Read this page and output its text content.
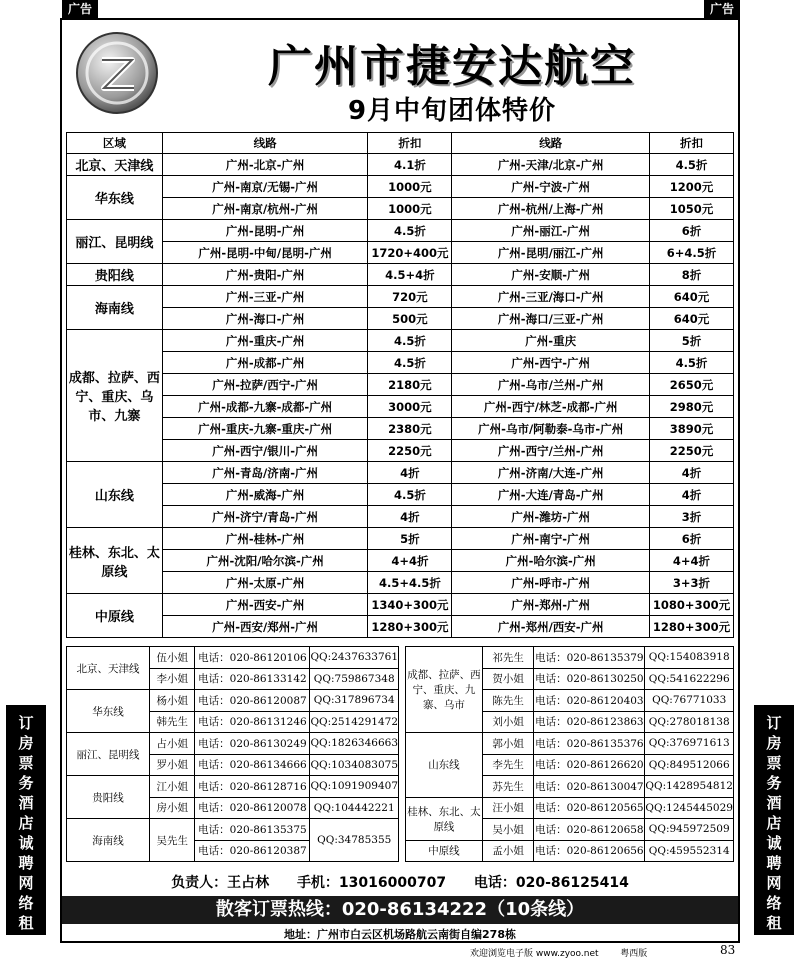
广告	广告
订
房
票
务
酒
店
诚
聘
网
络
租
车
订
房
票
务
酒
店
诚
聘
网
络
租
车
广州市捷安达航空
9月中旬团体特价
区域	线路	折扣	线路	折扣
北京、天津线	广州-北京-广州	4.1折	广州-天津/北京-广州	4.5折
华东线	广州-南京/无锡-广州	1000元	广州-宁波-广州	1200元
	广州-南京/杭州-广州	1000元	广州-杭州/上海-广州	1050元
丽江、昆明线	广州-昆明-广州	4.5折	广州-丽江-广州	6折
	广州-昆明-中甸/昆明-广州	1720+400元	广州-昆明/丽江-广州	6+4.5折
贵阳线	广州-贵阳-广州	4.5+4折	广州-安顺-广州	8折
海南线	广州-三亚-广州	720元	广州-三亚/海口-广州	640元
	广州-海口-广州	500元	广州-海口/三亚-广州	640元
成都、拉萨、西宁、重庆、乌市、九寨	广州-重庆-广州	4.5折	广州-重庆	5折
	广州-成都-广州	4.5折	广州-西宁-广州	4.5折
	广州-拉萨/西宁-广州	2180元	广州-乌市/兰州-广州	2650元
	广州-成都-九寨-成都-广州	3000元	广州-西宁/林芝-成都-广州	2980元
	广州-重庆-九寨-重庆-广州	2380元	广州-乌市/阿勒泰-乌市-广州	3890元
	广州-西宁/银川-广州	2250元	广州-西宁/兰州-广州	2250元
山东线	广州-青岛/济南-广州	4折	广州-济南/大连-广州	4折
	广州-威海-广州	4.5折	广州-大连/青岛-广州	4折
	广州-济宁/青岛-广州	4折	广州-潍坊-广州	3折
桂林、东北、太原线	广州-桂林-广州	5折	广州-南宁-广州	6折
	广州-沈阳/哈尔滨-广州	4+4折	广州-哈尔滨-广州	4+4折
	广州-太原-广州	4.5+4.5折	广州-呼市-广州	3+3折
中原线	广州-西安-广州	1340+300元	广州-郑州-广州	1080+300元
	广州-西安/郑州-广州	1280+300元	广州-郑州/西安-广州	1280+300元
北京、天津线	伍小姐	电话：020-86120106	QQ:2437633761		成都、拉萨、西宁、重庆、九寨、乌市	祁先生	电话：020-86135379	QQ:154083918
	李小姐	电话：020-86133142	QQ:759867348			贺小姐	电话：020-86130250	QQ:541622296
华东线	杨小姐	电话：020-86120087	QQ:317896734			陈先生	电话：020-86120403	QQ:76771033
	韩先生	电话：020-86131246	QQ:2514291472			刘小姐	电话：020-86123863	QQ:278018138
丽江、昆明线	占小姐	电话：020-86130249	QQ:1826346663		山东线	郭小姐	电话：020-86135376	QQ:376971613
	罗小姐	电话：020-86134666	QQ:1034083075			李先生	电话：020-86126620	QQ:849512066
贵阳线	江小姐	电话：020-86128716	QQ:1091909407			苏先生	电话：020-86130047	QQ:1428954812
	房小姐	电话：020-86120078	QQ:104442221		桂林、东北、太原线	汪小姐	电话：020-86120565	QQ:1245445029
海南线	吴先生	电话：020-86135375	QQ:34785355			吴小姐	电话：020-86120658	QQ:945972509
		电话：020-86120387			中原线	孟小姐	电话：020-86120656	QQ:459552314
负责人：王占林 手机：13016000707 电话：020-86125414
散客订票热线：020-86134222（10条线）
地址：广州市白云区机场路航云南街自编278栋
欢迎浏览电子版 www.zyoo.net 粤西版	83
